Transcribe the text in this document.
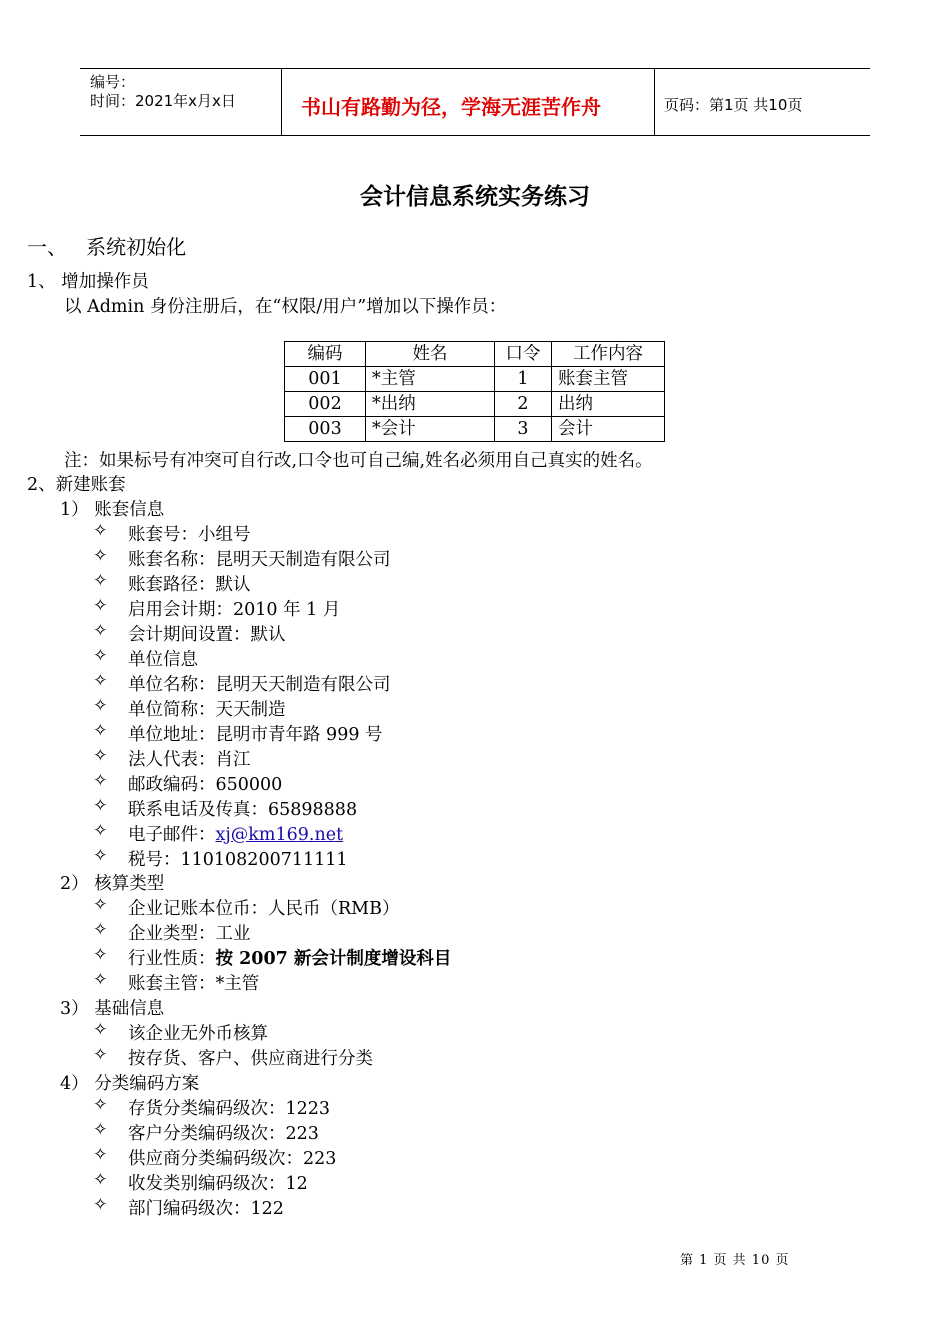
编号：
时间：2021年x月x日	书山有路勤为径，学海无涯苦作舟	页码：第1页 共10页
会计信息系统实务练习
一、   系统初始化
1、 增加操作员
以 Admin 身份注册后，在“权限/用户”增加以下操作员：
编码	姓名	口令	工作内容
001	*主管	1	账套主管
002	*出纳	2	出纳
003	*会计	3	会计
注：如果标号有冲突可自行改,口令也可自己编,姓名必须用自己真实的姓名。
2、新建账套
1） 账套信息
✧ 账套号：小组号
✧ 账套名称：昆明天天制造有限公司
✧ 账套路径：默认
✧ 启用会计期：2010 年 1 月
✧ 会计期间设置：默认
✧ 单位信息
✧ 单位名称：昆明天天制造有限公司
✧ 单位简称：天天制造
✧ 单位地址：昆明市青年路 999 号
✧ 法人代表：肖江
✧ 邮政编码：650000
✧ 联系电话及传真：65898888
✧ 电子邮件：xj@km169.net
✧ 税号：110108200711111
2） 核算类型
✧ 企业记账本位币：人民币（RMB）
✧ 企业类型：工业
✧ 行业性质：按 2007 新会计制度增设科目
✧ 账套主管：*主管
3） 基础信息
✧ 该企业无外币核算
✧ 按存货、客户、供应商进行分类
4） 分类编码方案
✧ 存货分类编码级次：1223
✧ 客户分类编码级次：223
✧ 供应商分类编码级次：223
✧ 收发类别编码级次：12
✧ 部门编码级次：122
第 1 页 共 10 页
